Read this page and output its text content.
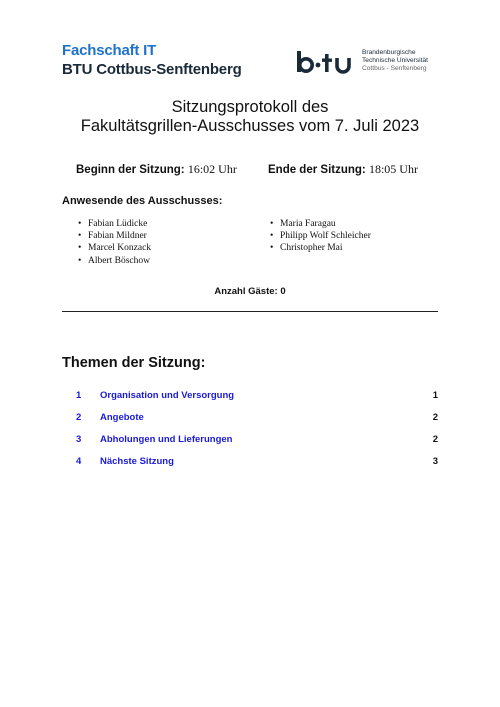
Fachschaft IT
BTU Cottbus-Senftenberg
Brandenburgische
Technische Universität
Cottbus - Senftenberg
Sitzungsprotokoll des
Fakultätsgrillen-Ausschusses vom 7. Juli 2023
Beginn der Sitzung: 16:02 Uhr	Ende der Sitzung: 18:05 Uhr
Anwesende des Ausschusses:
• Fabian Lüdicke
• Fabian Mildner
• Marcel Konzack
• Albert Böschow
• Maria Faragau
• Philipp Wolf Schleicher
• Christopher Mai
Anzahl Gäste: 0
Themen der Sitzung:
1 Organisation und Versorgung	1
2 Angebote	2
3 Abholungen und Lieferungen	2
4 Nächste Sitzung	3
